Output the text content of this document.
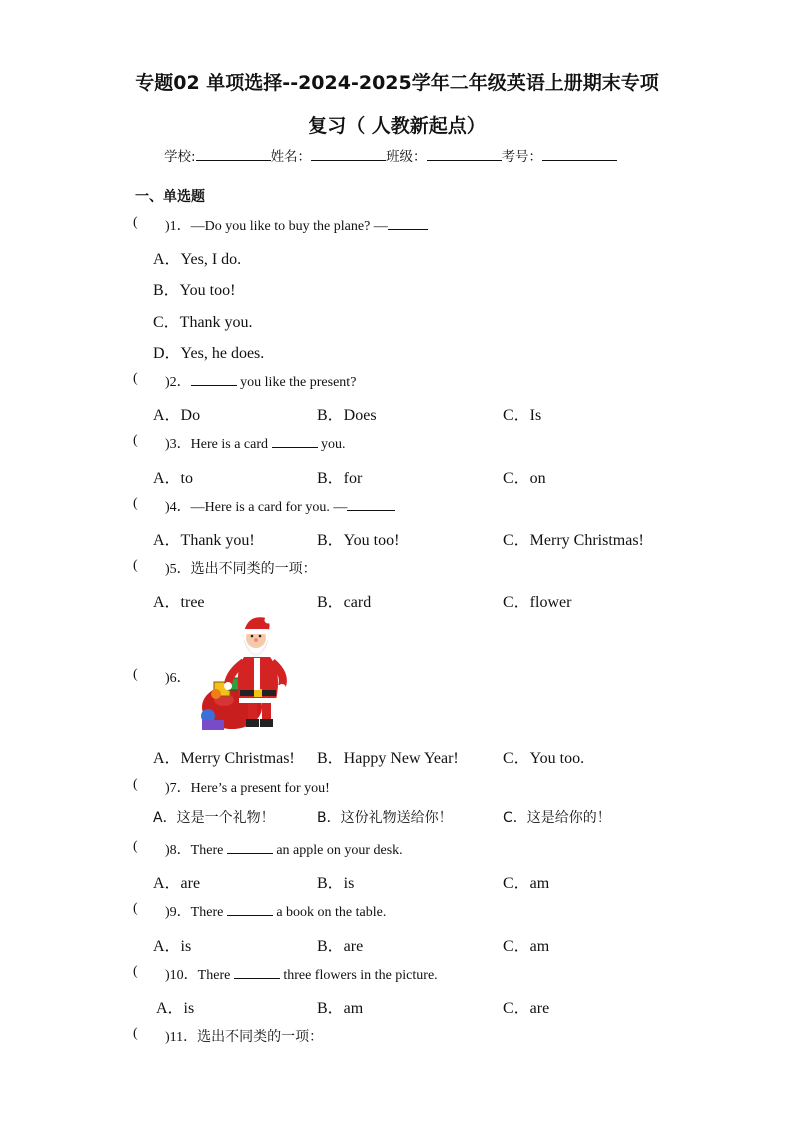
专题02 单项选择--2024-2025学年二年级英语上册期末专项
复习（ 人教新起点）
学校:	姓名：	班级：	考号：
一、单选题
( )1．—Do you like to buy the plane? —
A．Yes, I do.
B．You too!
C．Thank you.
D．Yes, he does.
( )2．	you like the present?
A．Do	B．Does	C．Is
( )3．Here is a card	you.
A．to	B．for	C．on
( )4．—Here is a card for you. —
A．Thank you!	B．You too!	C．Merry Christmas!
( )5．选出不同类的一项：
A．tree	B．card	C．flower
( )6．
A．Merry Christmas! B．Happy New Year!	C．You too.
( )7．Here’s a present for you!
A．这是一个礼物！	B．这份礼物送给你！	C．这是给你的！
( )8．There	an apple on your desk.
A．are	B．is	C．am
( )9．There	a book on the table.
A．is	B．are	C．am
( )10．There	three flowers in the picture.
A．is	B．am	C．are
( )11．选出不同类的一项：
